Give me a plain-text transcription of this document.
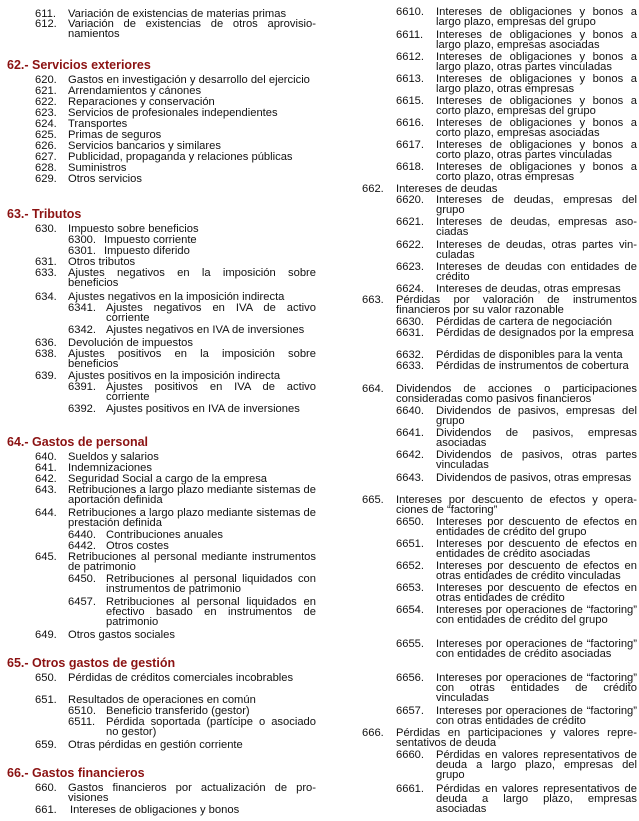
611. Variación de existencias de materias primas
612. Variación de existencias de otros aprovisionamientos
62.- Servicios exteriores
620. Gastos en investigación y desarrollo del ejercicio
621. Arrendamientos y cánones
622. Reparaciones y conservación
623. Servicios de profesionales independientes
624. Transportes
625. Primas de seguros
626. Servicios bancarios y similares
627. Publicidad, propaganda y relaciones públicas
628. Suministros
629. Otros servicios
63.- Tributos
630. Impuesto sobre beneficios
6300. Impuesto corriente
6301. Impuesto diferido
631. Otros tributos
633. Ajustes negativos en la imposición sobre beneficios
634. Ajustes negativos en la imposición indirecta
6341. Ajustes negativos en IVA de activo corriente
6342. Ajustes negativos en IVA de inversiones
636. Devolución de impuestos
638. Ajustes positivos en la imposición sobre beneficios
639. Ajustes positivos en la imposición indirecta
6391. Ajustes positivos en IVA de activo corriente
6392. Ajustes positivos en IVA de inversiones
64.- Gastos de personal
640. Sueldos y salarios
641. Indemnizaciones
642. Seguridad Social a cargo de la empresa
643. Retribuciones a largo plazo mediante sistemas de aportación definida
644. Retribuciones a largo plazo mediante sistemas de prestación definida
6440. Contribuciones anuales
6442. Otros costes
645. Retribuciones al personal mediante instrumentos de patrimonio
6450. Retribuciones al personal liquidados con instrumentos de patrimonio
6457. Retribuciones al personal liquidados en efectivo basado en instrumentos de patrimonio
649. Otros gastos sociales
65.- Otros gastos de gestión
650. Pérdidas de créditos comerciales incobrables
651. Resultados de operaciones en común
6510. Beneficio transferido (gestor)
6511. Pérdida soportada (partícipe o asociado no gestor)
659. Otras pérdidas en gestión corriente
66.- Gastos financieros
660. Gastos financieros por actualización de provisiones
661. Intereses de obligaciones y bonos
6610. Intereses de obligaciones y bonos a largo plazo, empresas del grupo
6611. Intereses de obligaciones y bonos a largo plazo, empresas asociadas
6612. Intereses de obligaciones y bonos a largo plazo, otras partes vinculadas
6613. Intereses de obligaciones y bonos a largo plazo, otras empresas
6615. Intereses de obligaciones y bonos a corto plazo, empresas del grupo
6616. Intereses de obligaciones y bonos a corto plazo, empresas asociadas
6617. Intereses de obligaciones y bonos a corto plazo, otras partes vinculadas
6618. Intereses de obligaciones y bonos a corto plazo, otras empresas
662. Intereses de deudas
6620. Intereses de deudas, empresas del grupo
6621. Intereses de deudas, empresas asociadas
6622. Intereses de deudas, otras partes vinculadas
6623. Intereses de deudas con entidades de crédito
6624. Intereses de deudas, otras empresas
663. Pérdidas por valoración de instrumentos financieros por su valor razonable
6630. Pérdidas de cartera de negociación
6631. Pérdidas de designados por la empresa
6632. Pérdidas de disponibles para la venta
6633. Pérdidas de instrumentos de cobertura
664. Dividendos de acciones o participaciones consideradas como pasivos financieros
6640. Dividendos de pasivos, empresas del grupo
6641. Dividendos de pasivos, empresas asociadas
6642. Dividendos de pasivos, otras partes vinculadas
6643. Dividendos de pasivos, otras empresas
665. Intereses por descuento de efectos y operaciones de “factoring”
6650. Intereses por descuento de efectos en entidades de crédito del grupo
6651. Intereses por descuento de efectos en entidades de crédito asociadas
6652. Intereses por descuento de efectos en otras entidades de crédito vinculadas
6653. Intereses por descuento de efectos en otras entidades de crédito
6654. Intereses por operaciones de “factoring” con entidades de crédito del grupo
6655. Intereses por operaciones de “factoring” con entidades de crédito asociadas
6656. Intereses por operaciones de “factoring” con otras entidades de crédito vinculadas
6657. Intereses por operaciones de “factoring” con otras entidades de crédito
666. Pérdidas en participaciones y valores representativos de deuda
6660. Pérdidas en valores representativos de deuda a largo plazo, empresas del grupo
6661. Pérdidas en valores representativos de deuda a largo plazo, empresas asociadas
